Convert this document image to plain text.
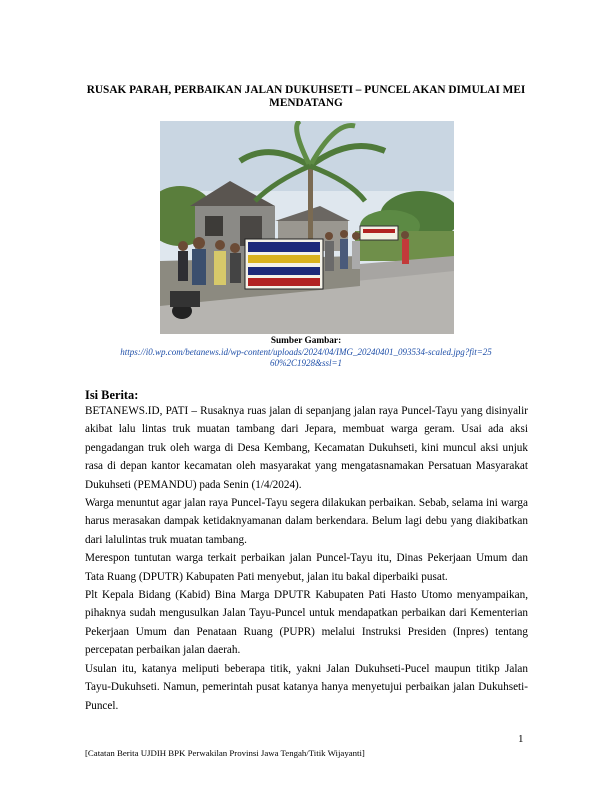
RUSAK PARAH, PERBAIKAN JALAN DUKUHSETI – PUNCEL AKAN DIMULAI MEI MENDATANG

Sumber Gambar:

https://i0.wp.com/betanews.id/wp-content/uploads/2024/04/IMG_20240401_093534-scaled.jpg?fit=2560%2C1928&ssl=1

Isi Berita:

BETANEWS.ID, PATI – Rusaknya ruas jalan di sepanjang jalan raya Puncel-Tayu yang disinyalir akibat lalu lintas truk muatan tambang dari Jepara, membuat warga geram. Usai ada aksi pengadangan truk oleh warga di Desa Kembang, Kecamatan Dukuhseti, kini muncul aksi unjuk rasa di depan kantor kecamatan oleh masyarakat yang mengatasnamakan Persatuan Masyarakat Dukuhseti (PEMANDU) pada Senin (1/4/2024).

Warga menuntut agar jalan raya Puncel-Tayu segera dilakukan perbaikan. Sebab, selama ini warga harus merasakan dampak ketidaknyamanan dalam berkendara. Belum lagi debu yang diakibatkan dari lalulintas truk muatan tambang.

Merespon tuntutan warga terkait perbaikan jalan Puncel-Tayu itu, Dinas Pekerjaan Umum dan Tata Ruang (DPUTR) Kabupaten Pati menyebut, jalan itu bakal diperbaiki pusat.

Plt Kepala Bidang (Kabid) Bina Marga DPUTR Kabupaten Pati Hasto Utomo menyampaikan, pihaknya sudah mengusulkan Jalan Tayu-Puncel untuk mendapatkan perbaikan dari Kementerian Pekerjaan Umum dan Penataan Ruang (PUPR) melalui Instruksi Presiden (Inpres) tentang percepatan perbaikan jalan daerah.

Usulan itu, katanya meliputi beberapa titik, yakni Jalan Dukuhseti-Pucel maupun titikp Jalan Tayu-Dukuhseti. Namun, pemerintah pusat katanya hanya menyetujui perbaikan jalan Dukuhseti-Puncel.

1

[Catatan Berita UJDIH BPK Perwakilan Provinsi Jawa Tengah/Titik Wijayanti]
